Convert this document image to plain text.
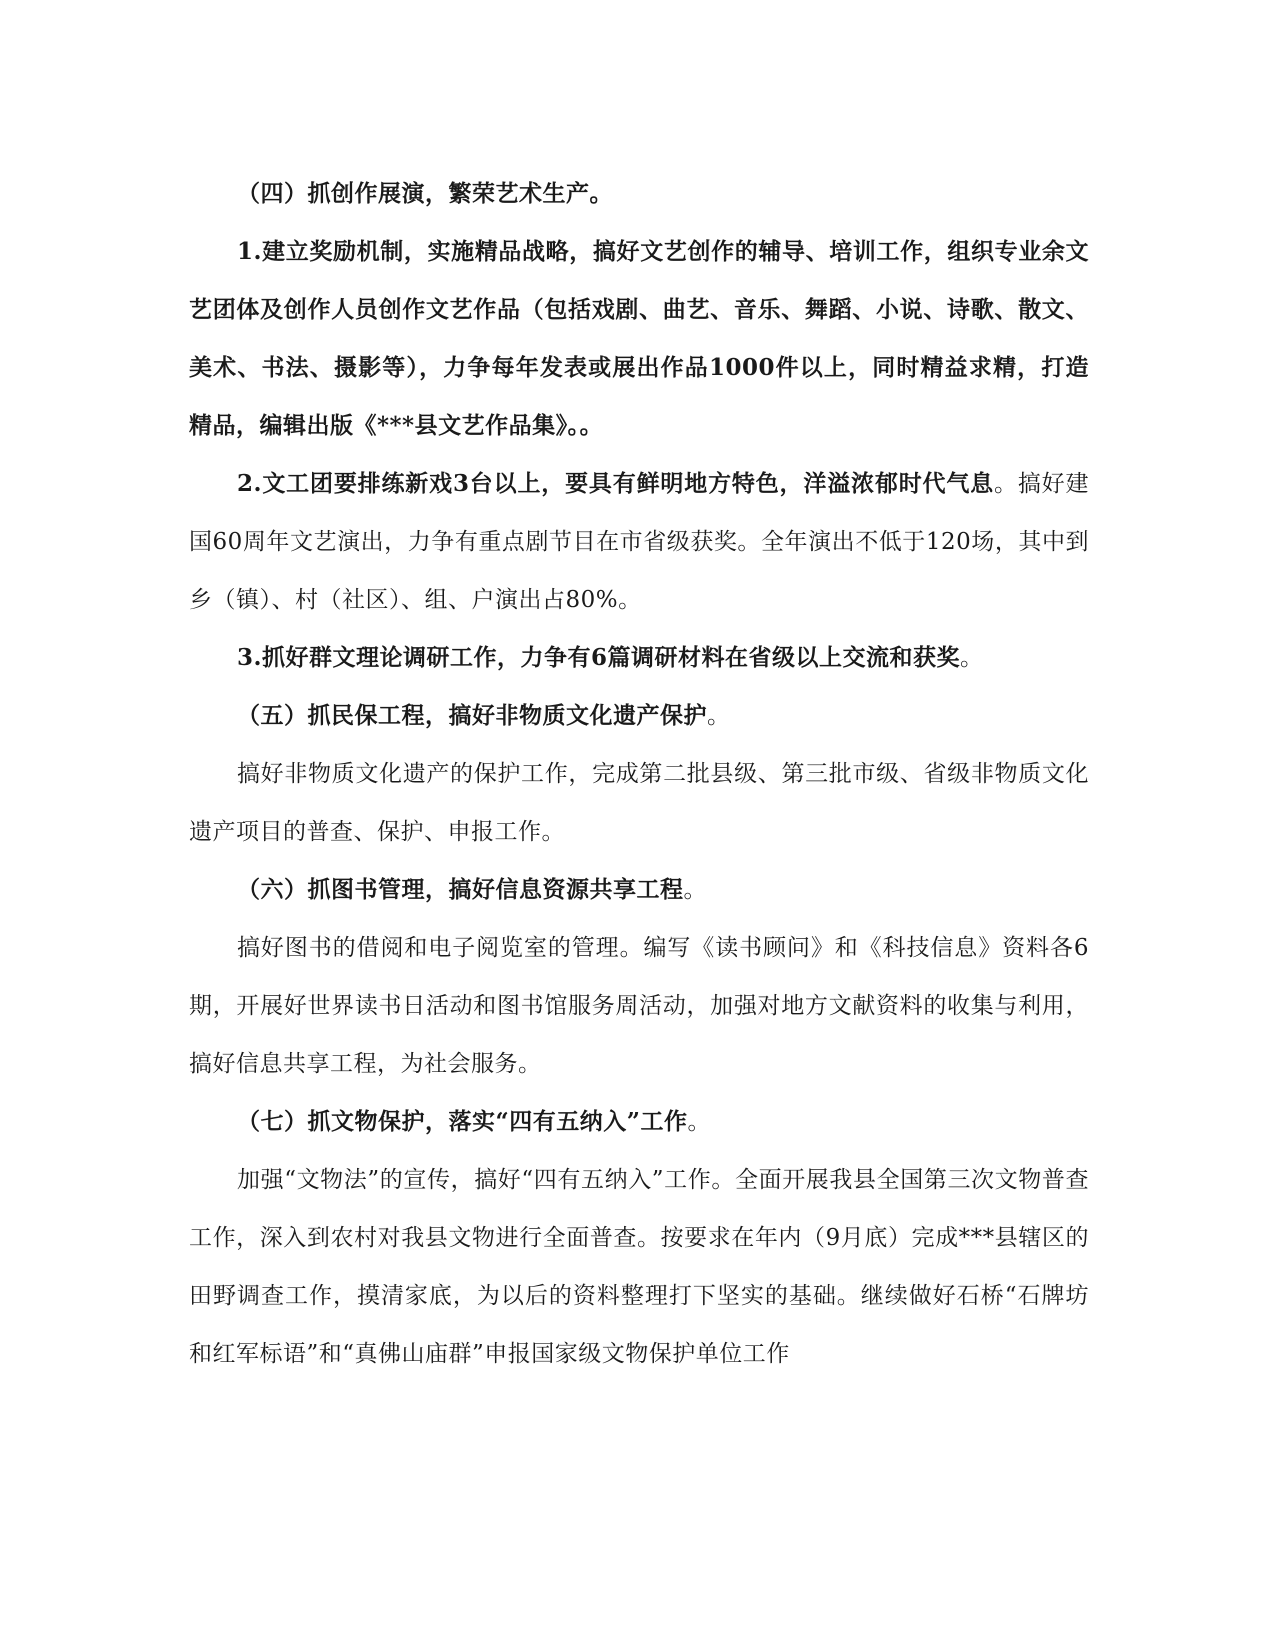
（四）抓创作展演，繁荣艺术生产。

1.建立奖励机制，实施精品战略，搞好文艺创作的辅导、培训工作，组织专业余文艺团体及创作人员创作文艺作品（包括戏剧、曲艺、音乐、舞蹈、小说、诗歌、散文、美术、书法、摄影等），力争每年发表或展出作品1000件以上，同时精益求精，打造精品，编辑出版《***县文艺作品集》。。

2.文工团要排练新戏3台以上，要具有鲜明地方特色，洋溢浓郁时代气息。搞好建国60周年文艺演出，力争有重点剧节目在市省级获奖。全年演出不低于120场，其中到乡（镇）、村（社区）、组、户演出占80%。

3.抓好群文理论调研工作，力争有6篇调研材料在省级以上交流和获奖。

（五）抓民保工程，搞好非物质文化遗产保护。

搞好非物质文化遗产的保护工作，完成第二批县级、第三批市级、省级非物质文化遗产项目的普查、保护、申报工作。

（六）抓图书管理，搞好信息资源共享工程。

搞好图书的借阅和电子阅览室的管理。编写《读书顾问》和《科技信息》资料各6期，开展好世界读书日活动和图书馆服务周活动，加强对地方文献资料的收集与利用，搞好信息共享工程，为社会服务。

（七）抓文物保护，落实“四有五纳入”工作。

加强“文物法”的宣传，搞好“四有五纳入”工作。全面开展我县全国第三次文物普查工作，深入到农村对我县文物进行全面普查。按要求在年内（9月底）完成***县辖区的田野调查工作，摸清家底，为以后的资料整理打下坚实的基础。继续做好石桥“石牌坊和红军标语”和“真佛山庙群”申报国家级文物保护单位工作
